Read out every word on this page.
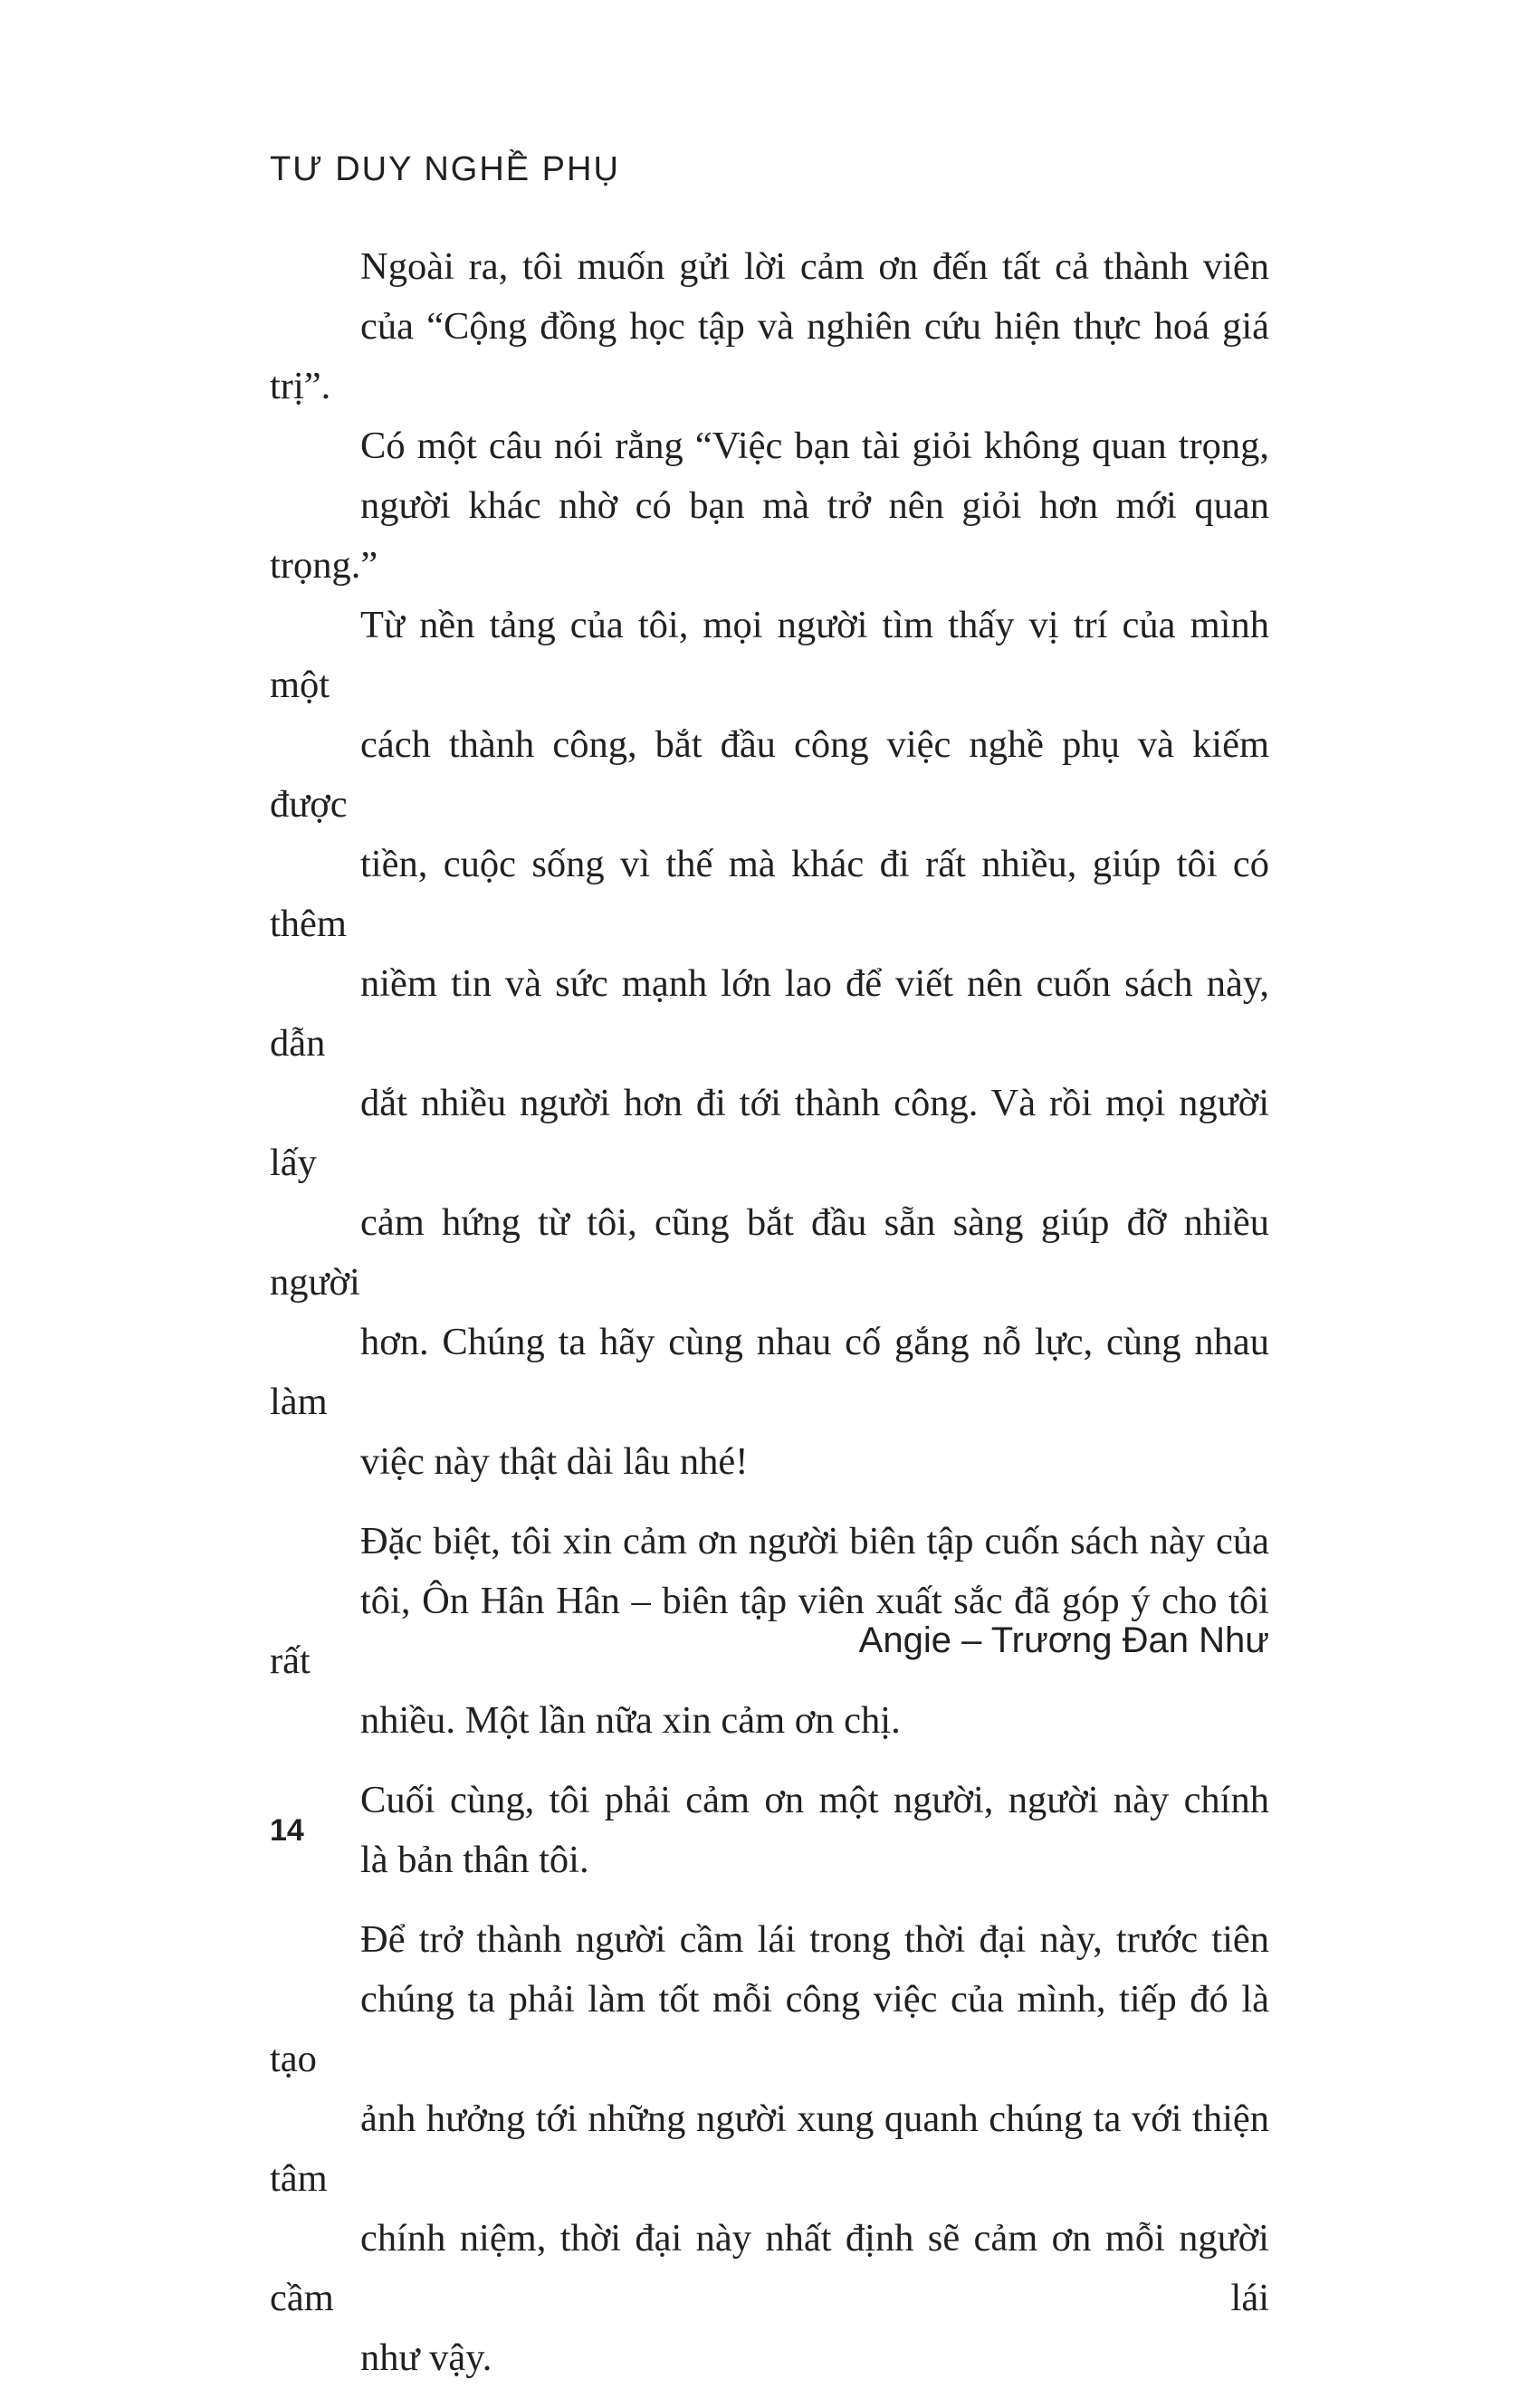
TƯ DUY NGHỀ PHỤ

Ngoài ra, tôi muốn gửi lời cảm ơn đến tất cả thành viên
của “Cộng đồng học tập và nghiên cứu hiện thực hoá giá trị”.
Có một câu nói rằng “Việc bạn tài giỏi không quan trọng,
người khác nhờ có bạn mà trở nên giỏi hơn mới quan trọng.”
Từ nền tảng của tôi, mọi người tìm thấy vị trí của mình một
cách thành công, bắt đầu công việc nghề phụ và kiếm được
tiền, cuộc sống vì thế mà khác đi rất nhiều, giúp tôi có thêm
niềm tin và sức mạnh lớn lao để viết nên cuốn sách này, dẫn
dắt nhiều người hơn đi tới thành công. Và rồi mọi người lấy
cảm hứng từ tôi, cũng bắt đầu sẵn sàng giúp đỡ nhiều người
hơn. Chúng ta hãy cùng nhau cố gắng nỗ lực, cùng nhau làm
việc này thật dài lâu nhé!

Đặc biệt, tôi xin cảm ơn người biên tập cuốn sách này của
tôi, Ôn Hân Hân – biên tập viên xuất sắc đã góp ý cho tôi rất
nhiều. Một lần nữa xin cảm ơn chị.

Cuối cùng, tôi phải cảm ơn một người, người này chính
là bản thân tôi.

Để trở thành người cầm lái trong thời đại này, trước tiên
chúng ta phải làm tốt mỗi công việc của mình, tiếp đó là tạo
ảnh hưởng tới những người xung quanh chúng ta với thiện tâm
chính niệm, thời đại này nhất định sẽ cảm ơn mỗi người cầm lái
như vậy.

Angie – Trương Đan Như
14
